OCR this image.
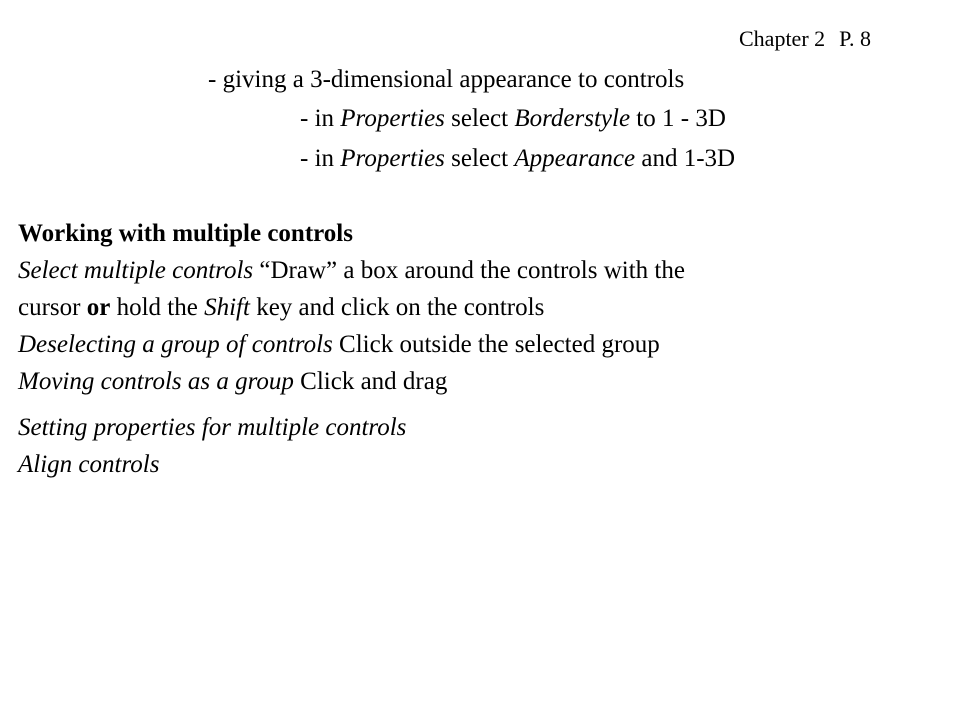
Chapter 2 P. 8
- giving a 3-dimensional appearance to controls
- in Properties select Borderstyle to 1 - 3D
- in Properties select Appearance and 1-3D
Working with multiple controls
Select multiple controls “Draw” a box around the controls with the
cursor or hold the Shift key and click on the controls
Deselecting a group of controls Click outside the selected group
Moving controls as a group Click and drag
Setting properties for multiple controls
Align controls
